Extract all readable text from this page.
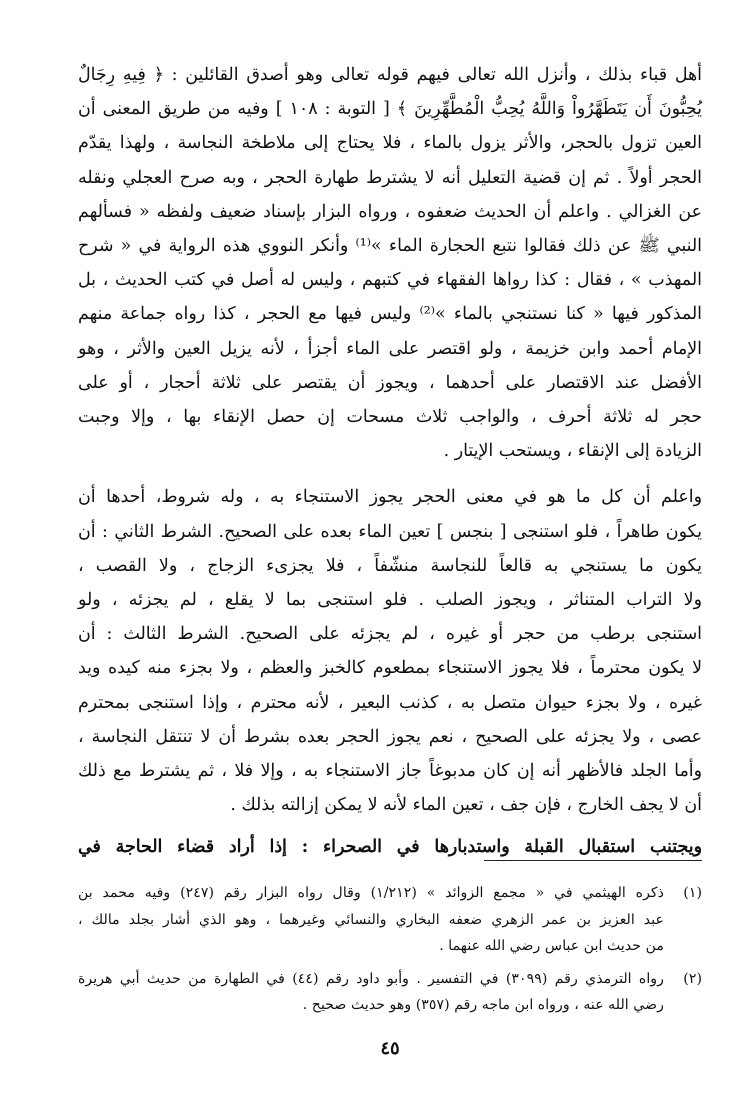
أهل قباء بذلك ، وأنزل الله تعالى فيهم قوله تعالى وهو أصدق القائلين : ﴿ فِيهِ رِجَالٌ
يُحِبُّونَ أَن يَتَطَهَّرُواْ وَاللَّهُ يُحِبُّ الْمُطَّهِّرِينَ ﴾ [ التوبة : ١٠٨ ] وفيه من طريق المعنى أن
العين تزول بالحجر، والأثر يزول بالماء ، فلا يحتاج إلى ملاطخة النجاسة ، ولهذا يقدّم
الحجر أولاً . ثم إن قضية التعليل أنه لا يشترط طهارة الحجر ، وبه صرح العجلي ونقله
عن الغزالي . واعلم أن الحديث ضعفوه ، ورواه البزار بإسناد ضعيف ولفظه « فسألهم
النبي ﷺ عن ذلك فقالوا نتبع الحجارة الماء »⁽¹⁾ وأنكر النووي هذه الرواية في « شرح
المهذب » ، فقال : كذا رواها الفقهاء في كتبهم ، وليس له أصل في كتب الحديث ، بل
المذكور فيها « كنا نستنجي بالماء »⁽²⁾ وليس فيها مع الحجر ، كذا رواه جماعة منهم
الإمام أحمد وابن خزيمة ، ولو اقتصر على الماء أجزأ ، لأنه يزيل العين والأثر ، وهو
الأفضل عند الاقتصار على أحدهما ، ويجوز أن يقتصر على ثلاثة أحجار ، أو على
حجر له ثلاثة أحرف ، والواجب ثلاث مسحات إن حصل الإنقاء بها ، وإلا وجبت
الزيادة إلى الإنقاء ، ويستحب الإيتار .
واعلم أن كل ما هو في معنى الحجر يجوز الاستنجاء به ، وله شروط، أحدها أن
يكون طاهراً ، فلو استنجى [ بنجس ] تعين الماء بعده على الصحيح. الشرط الثاني : أن
يكون ما يستنجي به قالعاً للنجاسة منشّفاً ، فلا يجزىء الزجاج ، ولا القصب ،
ولا التراب المتناثر ، ويجوز الصلب . فلو استنجى بما لا يقلع ، لم يجزئه ، ولو
استنجى برطب من حجر أو غيره ، لم يجزئه على الصحيح. الشرط الثالث : أن
لا يكون محترماً ، فلا يجوز الاستنجاء بمطعوم كالخبز والعظم ، ولا بجزء منه كيده ويد
غيره ، ولا بجزء حيوان متصل به ، كذنب البعير ، لأنه محترم ، وإذا استنجى بمحترم
عصى ، ولا يجزئه على الصحيح ، نعم يجوز الحجر بعده بشرط أن لا تنتقل النجاسة ،
وأما الجلد فالأظهر أنه إن كان مدبوغاً جاز الاستنجاء به ، وإلا فلا ، ثم يشترط مع ذلك
أن لا يجف الخارج ، فإن جف ، تعين الماء لأنه لا يمكن إزالته بذلك .
ويجتنب استقبال القبلة واستدبارها في الصحراء : إذا أراد قضاء الحاجة في
(١)
ذكره الهيثمي في « مجمع الزوائد » (١/٢١٢) وقال رواه البزار رقم (٢٤٧) وفيه محمد بن
عبد العزيز بن عمر الزهري ضعفه البخاري والنسائي وغيرهما ، وهو الذي أشار بجلد مالك ،
من حديث ابن عباس رضي الله عنهما .
(٢)
رواه الترمذي رقم (٣٠٩٩) في التفسير . وأبو داود رقم (٤٤) في الطهارة من حديث أبي هريرة
رضي الله عنه ، ورواه ابن ماجه رقم (٣٥٧) وهو حديث صحيح .
٤٥
